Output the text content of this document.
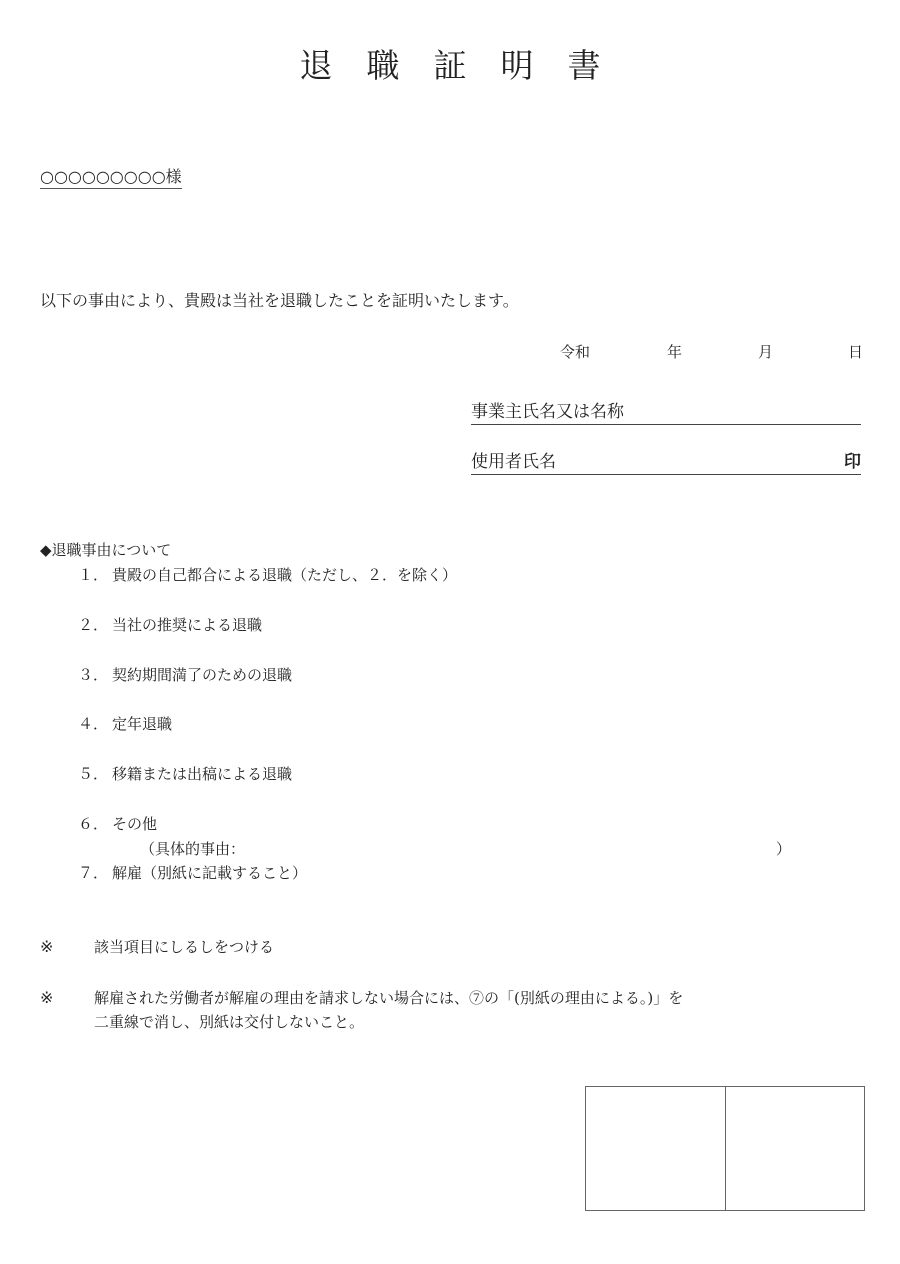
退職証明書
○○○○○○○○○様
以下の事由により、貴殿は当社を退職したことを証明いたします。
令和	年	月	日
事業主氏名又は名称
使用者氏名	印
◆退職事由について
１． 貴殿の自己都合による退職（ただし、２．を除く）
２． 当社の推奨による退職
３． 契約期間満了のための退職
４． 定年退職
５． 移籍または出稿による退職
６． その他
（具体的事由：	）
７． 解雇（別紙に記載すること）
※	該当項目にしるしをつける
※	解雇された労働者が解雇の理由を請求しない場合には、⑦の「(別紙の理由による。)」を
二重線で消し、別紙は交付しないこと。
